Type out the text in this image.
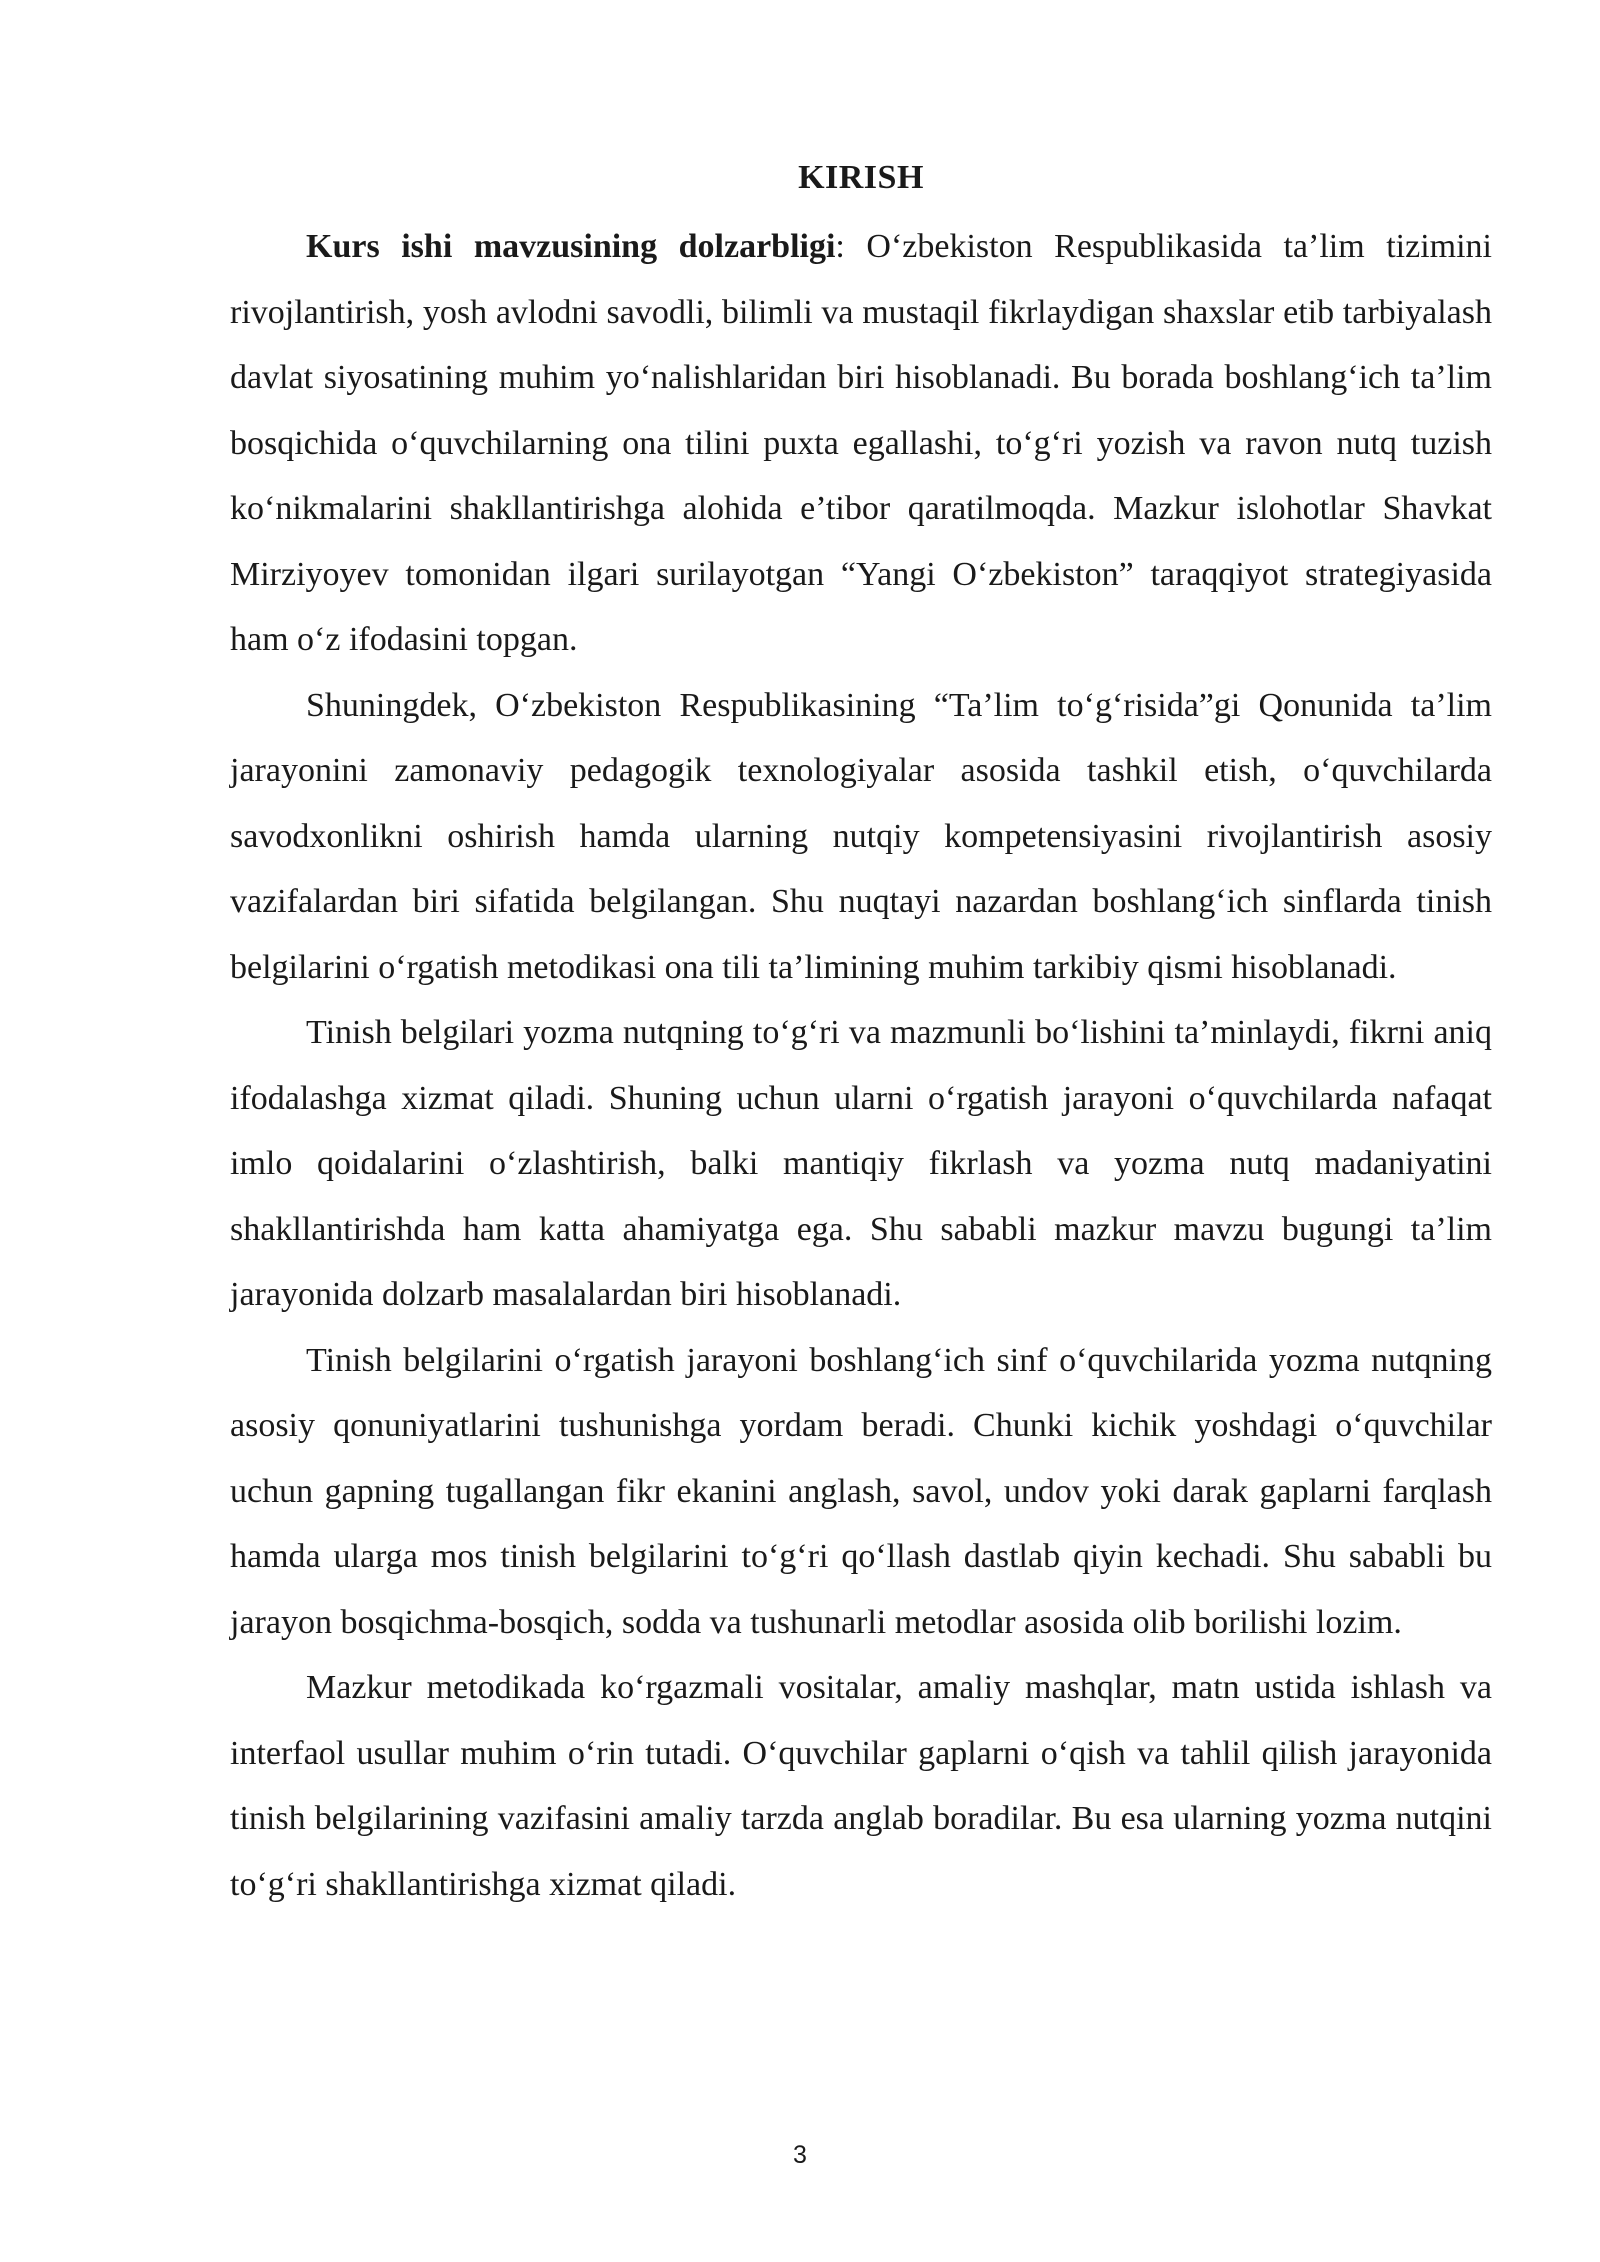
KIRISH

Kurs ishi mavzusining dolzarbligi: O‘zbekiston Respublikasida ta’lim tizimini rivojlantirish, yosh avlodni savodli, bilimli va mustaqil fikrlaydigan shaxslar etib tarbiyalash davlat siyosatining muhim yo‘nalishlaridan biri hisoblanadi. Bu borada boshlang‘ich ta’lim bosqichida o‘quvchilarning ona tilini puxta egallashi, to‘g‘ri yozish va ravon nutq tuzish ko‘nikmalarini shakllantirishga alohida e’tibor qaratilmoqda. Mazkur islohotlar Shavkat Mirziyoyev tomonidan ilgari surilayotgan “Yangi O‘zbekiston” taraqqiyot strategiyasida ham o‘z ifodasini topgan.

Shuningdek, O‘zbekiston Respublikasining “Ta’lim to‘g‘risida”gi Qonunida ta’lim jarayonini zamonaviy pedagogik texnologiyalar asosida tashkil etish, o‘quvchilarda savodxonlikni oshirish hamda ularning nutqiy kompetensiyasini rivojlantirish asosiy vazifalardan biri sifatida belgilangan. Shu nuqtayi nazardan boshlang‘ich sinflarda tinish belgilarini o‘rgatish metodikasi ona tili ta’limining muhim tarkibiy qismi hisoblanadi.

Tinish belgilari yozma nutqning to‘g‘ri va mazmunli bo‘lishini ta’minlaydi, fikrni aniq ifodalashga xizmat qiladi. Shuning uchun ularni o‘rgatish jarayoni o‘quvchilarda nafaqat imlo qoidalarini o‘zlashtirish, balki mantiqiy fikrlash va yozma nutq madaniyatini shakllantirishda ham katta ahamiyatga ega. Shu sababli mazkur mavzu bugungi ta’lim jarayonida dolzarb masalalardan biri hisoblanadi.

Tinish belgilarini o‘rgatish jarayoni boshlang‘ich sinf o‘quvchilarida yozma nutqning asosiy qonuniyatlarini tushunishga yordam beradi. Chunki kichik yoshdagi o‘quvchilar uchun gapning tugallangan fikr ekanini anglash, savol, undov yoki darak gaplarni farqlash hamda ularga mos tinish belgilarini to‘g‘ri qo‘llash dastlab qiyin kechadi. Shu sababli bu jarayon bosqichma-bosqich, sodda va tushunarli metodlar asosida olib borilishi lozim.

Mazkur metodikada ko‘rgazmali vositalar, amaliy mashqlar, matn ustida ishlash va interfaol usullar muhim o‘rin tutadi. O‘quvchilar gaplarni o‘qish va tahlil qilish jarayonida tinish belgilarining vazifasini amaliy tarzda anglab boradilar. Bu esa ularning yozma nutqini to‘g‘ri shakllantirishga xizmat qiladi.

3
